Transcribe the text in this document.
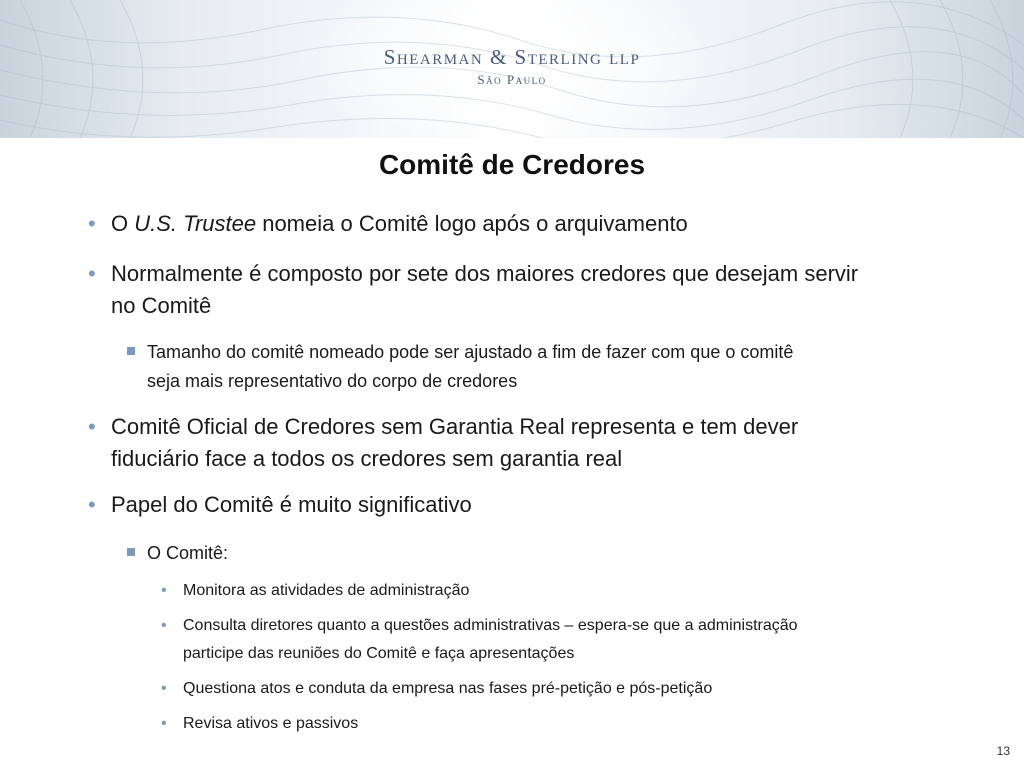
Shearman & Sterling llp
São Paulo
Comitê de Credores
• O U.S. Trustee nomeia o Comitê logo após o arquivamento
• Normalmente é composto por sete dos maiores credores que desejam servir
no Comitê
Tamanho do comitê nomeado pode ser ajustado a fim de fazer com que o comitê
seja mais representativo do corpo de credores
• Comitê Oficial de Credores sem Garantia Real representa e tem dever
fiduciário face a todos os credores sem garantia real
• Papel do Comitê é muito significativo
O Comitê:
• Monitora as atividades de administração
• Consulta diretores quanto a questões administrativas – espera-se que a administração
participe das reuniões do Comitê e faça apresentações
• Questiona atos e conduta da empresa nas fases pré-petição e pós-petição
• Revisa ativos e passivos
13
